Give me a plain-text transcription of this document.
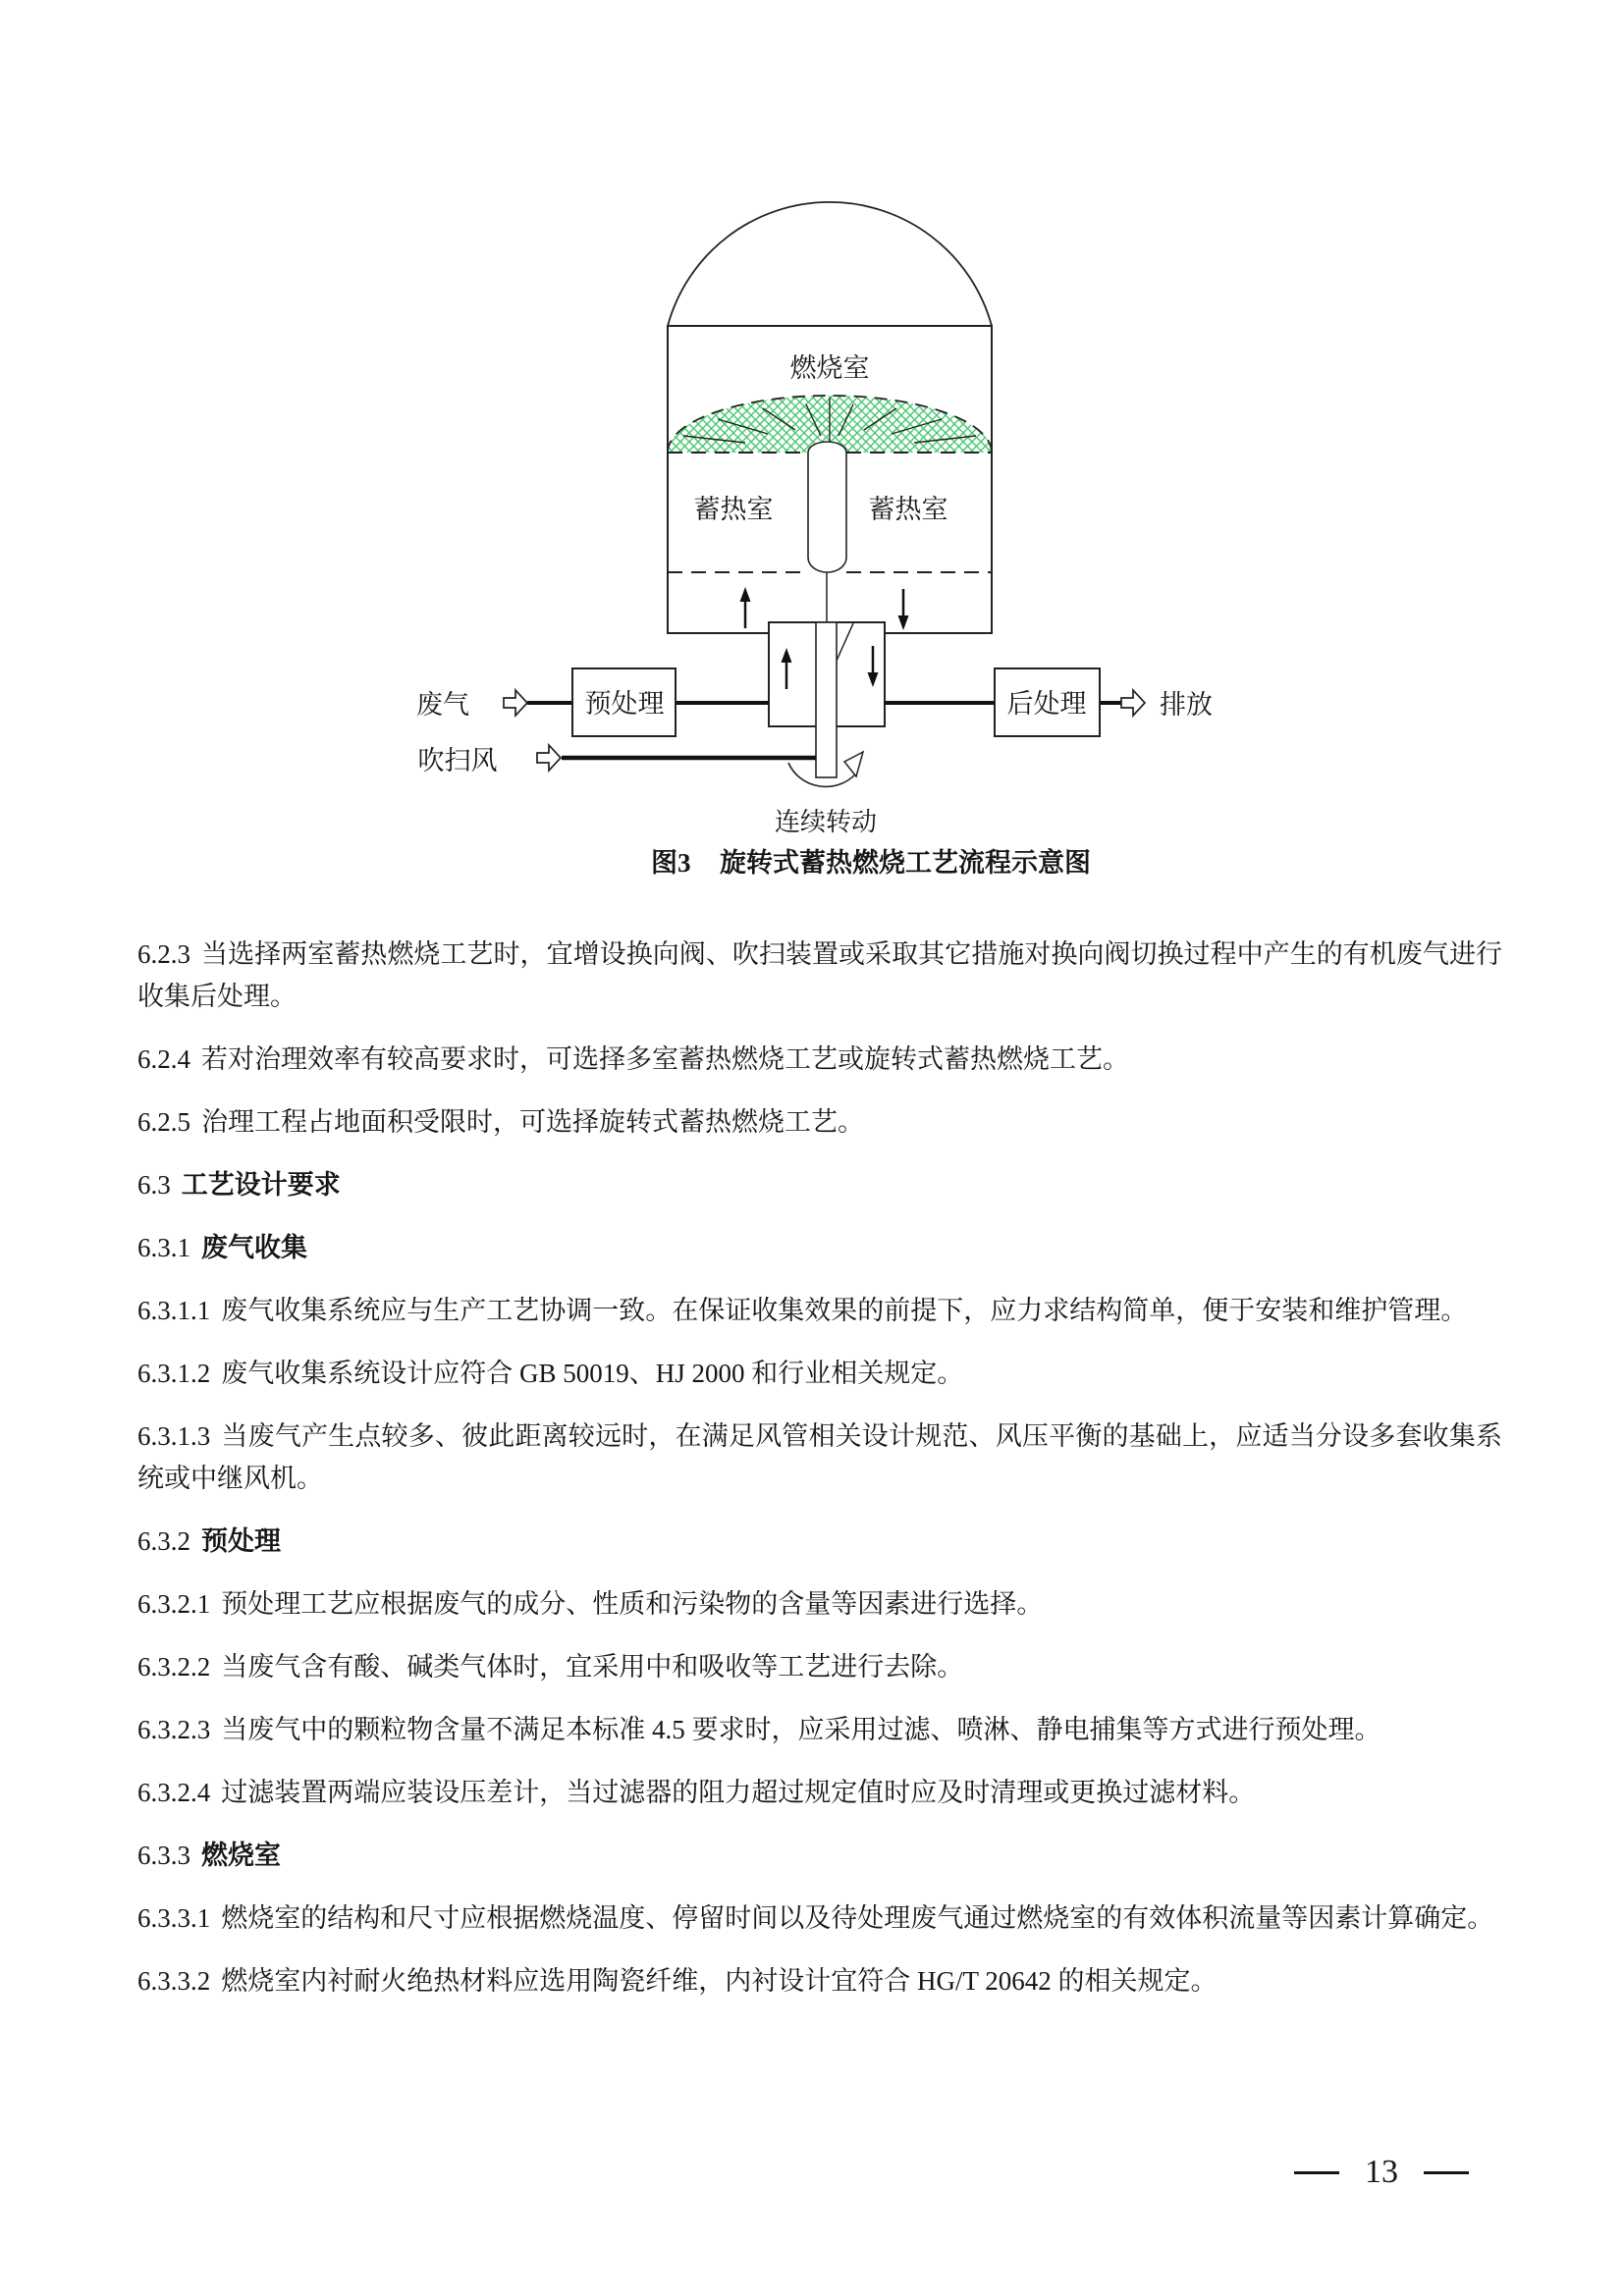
燃烧室
蓄热室	蓄热室
废气
吹扫风
预处理	后处理	排放
连续转动
图3 旋转式蓄热燃烧工艺流程示意图

6.2.3 当选择两室蓄热燃烧工艺时，宜增设换向阀、吹扫装置或采取其它措施对换向阀切换过程中产生的有机废气进行收集后处理。

6.2.4 若对治理效率有较高要求时，可选择多室蓄热燃烧工艺或旋转式蓄热燃烧工艺。

6.2.5 治理工程占地面积受限时，可选择旋转式蓄热燃烧工艺。

6.3 工艺设计要求

6.3.1 废气收集

6.3.1.1 废气收集系统应与生产工艺协调一致。在保证收集效果的前提下，应力求结构简单，便于安装和维护管理。

6.3.1.2 废气收集系统设计应符合 GB 50019、HJ 2000 和行业相关规定。

6.3.1.3 当废气产生点较多、彼此距离较远时，在满足风管相关设计规范、风压平衡的基础上，应适当分设多套收集系统或中继风机。

6.3.2 预处理

6.3.2.1 预处理工艺应根据废气的成分、性质和污染物的含量等因素进行选择。

6.3.2.2 当废气含有酸、碱类气体时，宜采用中和吸收等工艺进行去除。

6.3.2.3 当废气中的颗粒物含量不满足本标准 4.5 要求时，应采用过滤、喷淋、静电捕集等方式进行预处理。

6.3.2.4 过滤装置两端应装设压差计，当过滤器的阻力超过规定值时应及时清理或更换过滤材料。

6.3.3 燃烧室

6.3.3.1 燃烧室的结构和尺寸应根据燃烧温度、停留时间以及待处理废气通过燃烧室的有效体积流量等因素计算确定。

6.3.3.2 燃烧室内衬耐火绝热材料应选用陶瓷纤维，内衬设计宜符合 HG/T 20642 的相关规定。

13
